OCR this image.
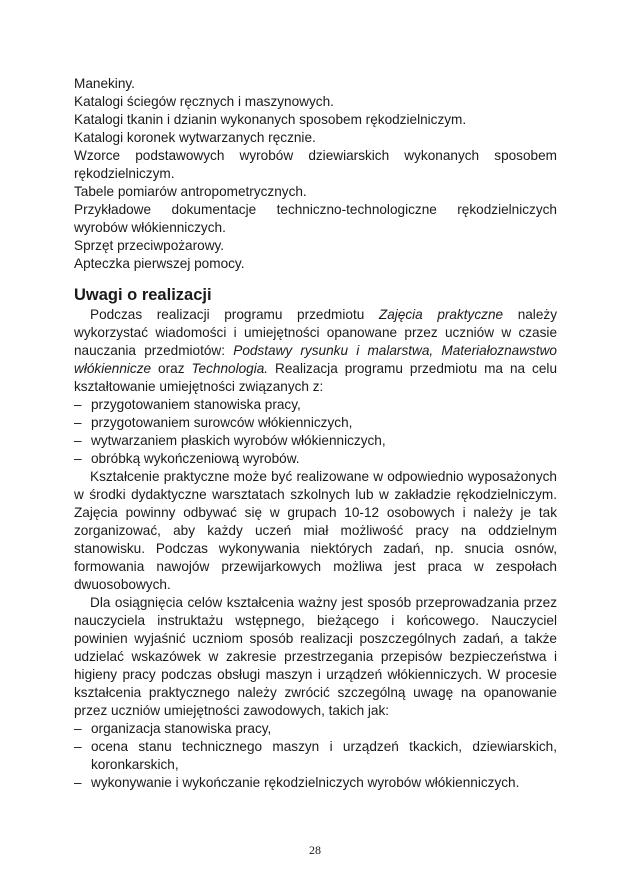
Manekiny.
Katalogi ściegów ręcznych i maszynowych.
Katalogi tkanin i dzianin wykonanych sposobem rękodzielniczym.
Katalogi koronek wytwarzanych ręcznie.
Wzorce podstawowych wyrobów dziewiarskich wykonanych sposobem rękodzielniczym.
Tabele pomiarów antropometrycznych.
Przykładowe dokumentacje techniczno-technologiczne rękodzielniczych wyrobów włókienniczych.
Sprzęt przeciwpożarowy.
Apteczka pierwszej pomocy.
Uwagi o realizacji
Podczas realizacji programu przedmiotu Zajęcia praktyczne należy wykorzystać wiadomości i umiejętności opanowane przez uczniów w czasie nauczania przedmiotów: Podstawy rysunku i malarstwa, Materiałoznawstwo włókiennicze oraz Technologia. Realizacja programu przedmiotu ma na celu kształtowanie umiejętności związanych z:
– przygotowaniem stanowiska pracy,
– przygotowaniem surowców włókienniczych,
– wytwarzaniem płaskich wyrobów włókienniczych,
– obróbką wykończeniową wyrobów.
Kształcenie praktyczne może być realizowane w odpowiednio wyposażonych w środki dydaktyczne warsztatach szkolnych lub w zakładzie rękodzielniczym. Zajęcia powinny odbywać się w grupach 10-12 osobowych i należy je tak zorganizować, aby każdy uczeń miał możliwość pracy na oddzielnym stanowisku. Podczas wykonywania niektórych zadań, np. snucia osnów, formowania nawojów przewijarkowych możliwa jest praca w zespołach dwuosobowych.
Dla osiągnięcia celów kształcenia ważny jest sposób przeprowadzania przez nauczyciela instruktażu wstępnego, bieżącego i końcowego. Nauczyciel powinien wyjaśnić uczniom sposób realizacji poszczególnych zadań, a także udzielać wskazówek w zakresie przestrzegania przepisów bezpieczeństwa i higieny pracy podczas obsługi maszyn i urządzeń włókienniczych. W procesie kształcenia praktycznego należy zwrócić szczególną uwagę na opanowanie przez uczniów umiejętności zawodowych, takich jak:
– organizacja stanowiska pracy,
– ocena stanu technicznego maszyn i urządzeń tkackich, dziewiarskich, koronkarskich,
– wykonywanie i wykończanie rękodzielniczych wyrobów włókienniczych.
28
